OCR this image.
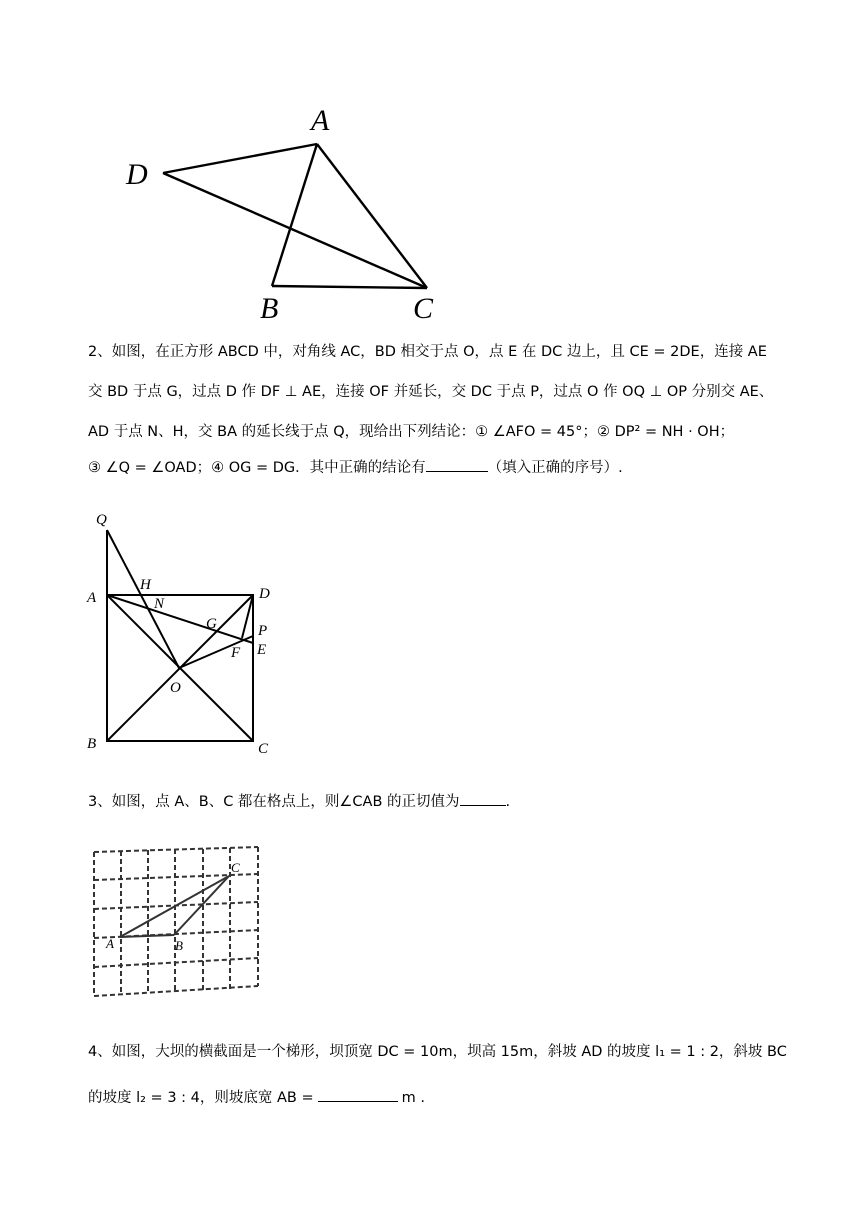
A
D
B	C

2、如图，在正方形 ABCD 中，对角线 AC，BD 相交于点 O，点 E 在 DC 边上，且 CE = 2DE，连接 AE

交 BD 于点 G，过点 D 作 DF ⊥ AE，连接 OF 并延长，交 DC 于点 P，过点 O 作 OQ ⊥ OP 分别交 AE、

AD 于点 N、H，交 BA 的延长线于点 Q，现给出下列结论：① ∠AFO = 45°；② DP² = NH · OH；

③ ∠Q = ∠OAD；④ OG = DG．其中正确的结论有	（填入正确的序号）.

Q
H
A	N
D
G	P
F E
O
B	C

3、如图，点 A、B、C 都在格点上，则∠CAB 的正切值为	.

A	B
C

4、如图，大坝的横截面是一个梯形，坝顶宽 DC = 10m，坝高 15m，斜坡 AD 的坡度 l₁ = 1 : 2，斜坡 BC

的坡度 l₂ = 3 : 4，则坡底宽 AB =	m .
